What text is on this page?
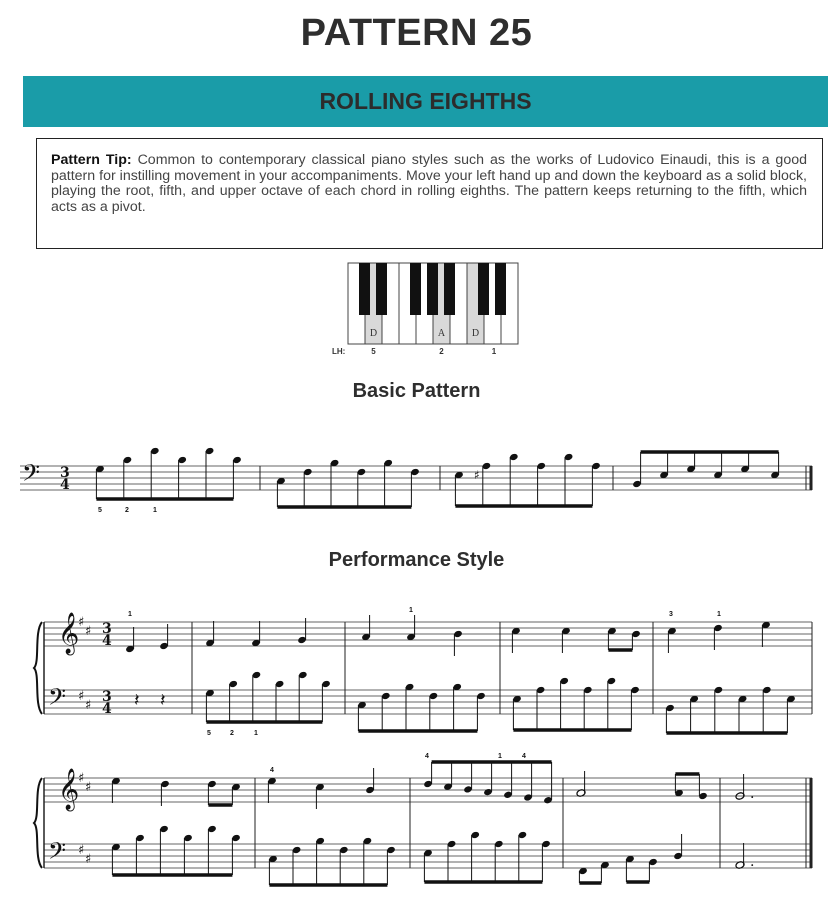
PATTERN 25
ROLLING EIGHTHS
Pattern Tip: Common to contemporary classical piano styles such as the works of Ludovico Einaudi, this is a good pattern for instilling movement in your accompaniments. Move your left hand up and down the keyboard as a solid block, playing the root, fifth, and upper octave of each chord in rolling eighths. The pattern keeps returning to the fifth, which acts as a pivot.
D	A	D
LH:	5	2	1
Basic Pattern
Performance Style
𝄢 3
4
♯
5	2	1
𝄞
𝄢
♯
♯
♯
♯
3
4
3
4
1
1
3	1
𝄽 𝄽
5	2	1
𝄞
𝄢
♯
♯
♯
♯
.
4
4	1	4
.
